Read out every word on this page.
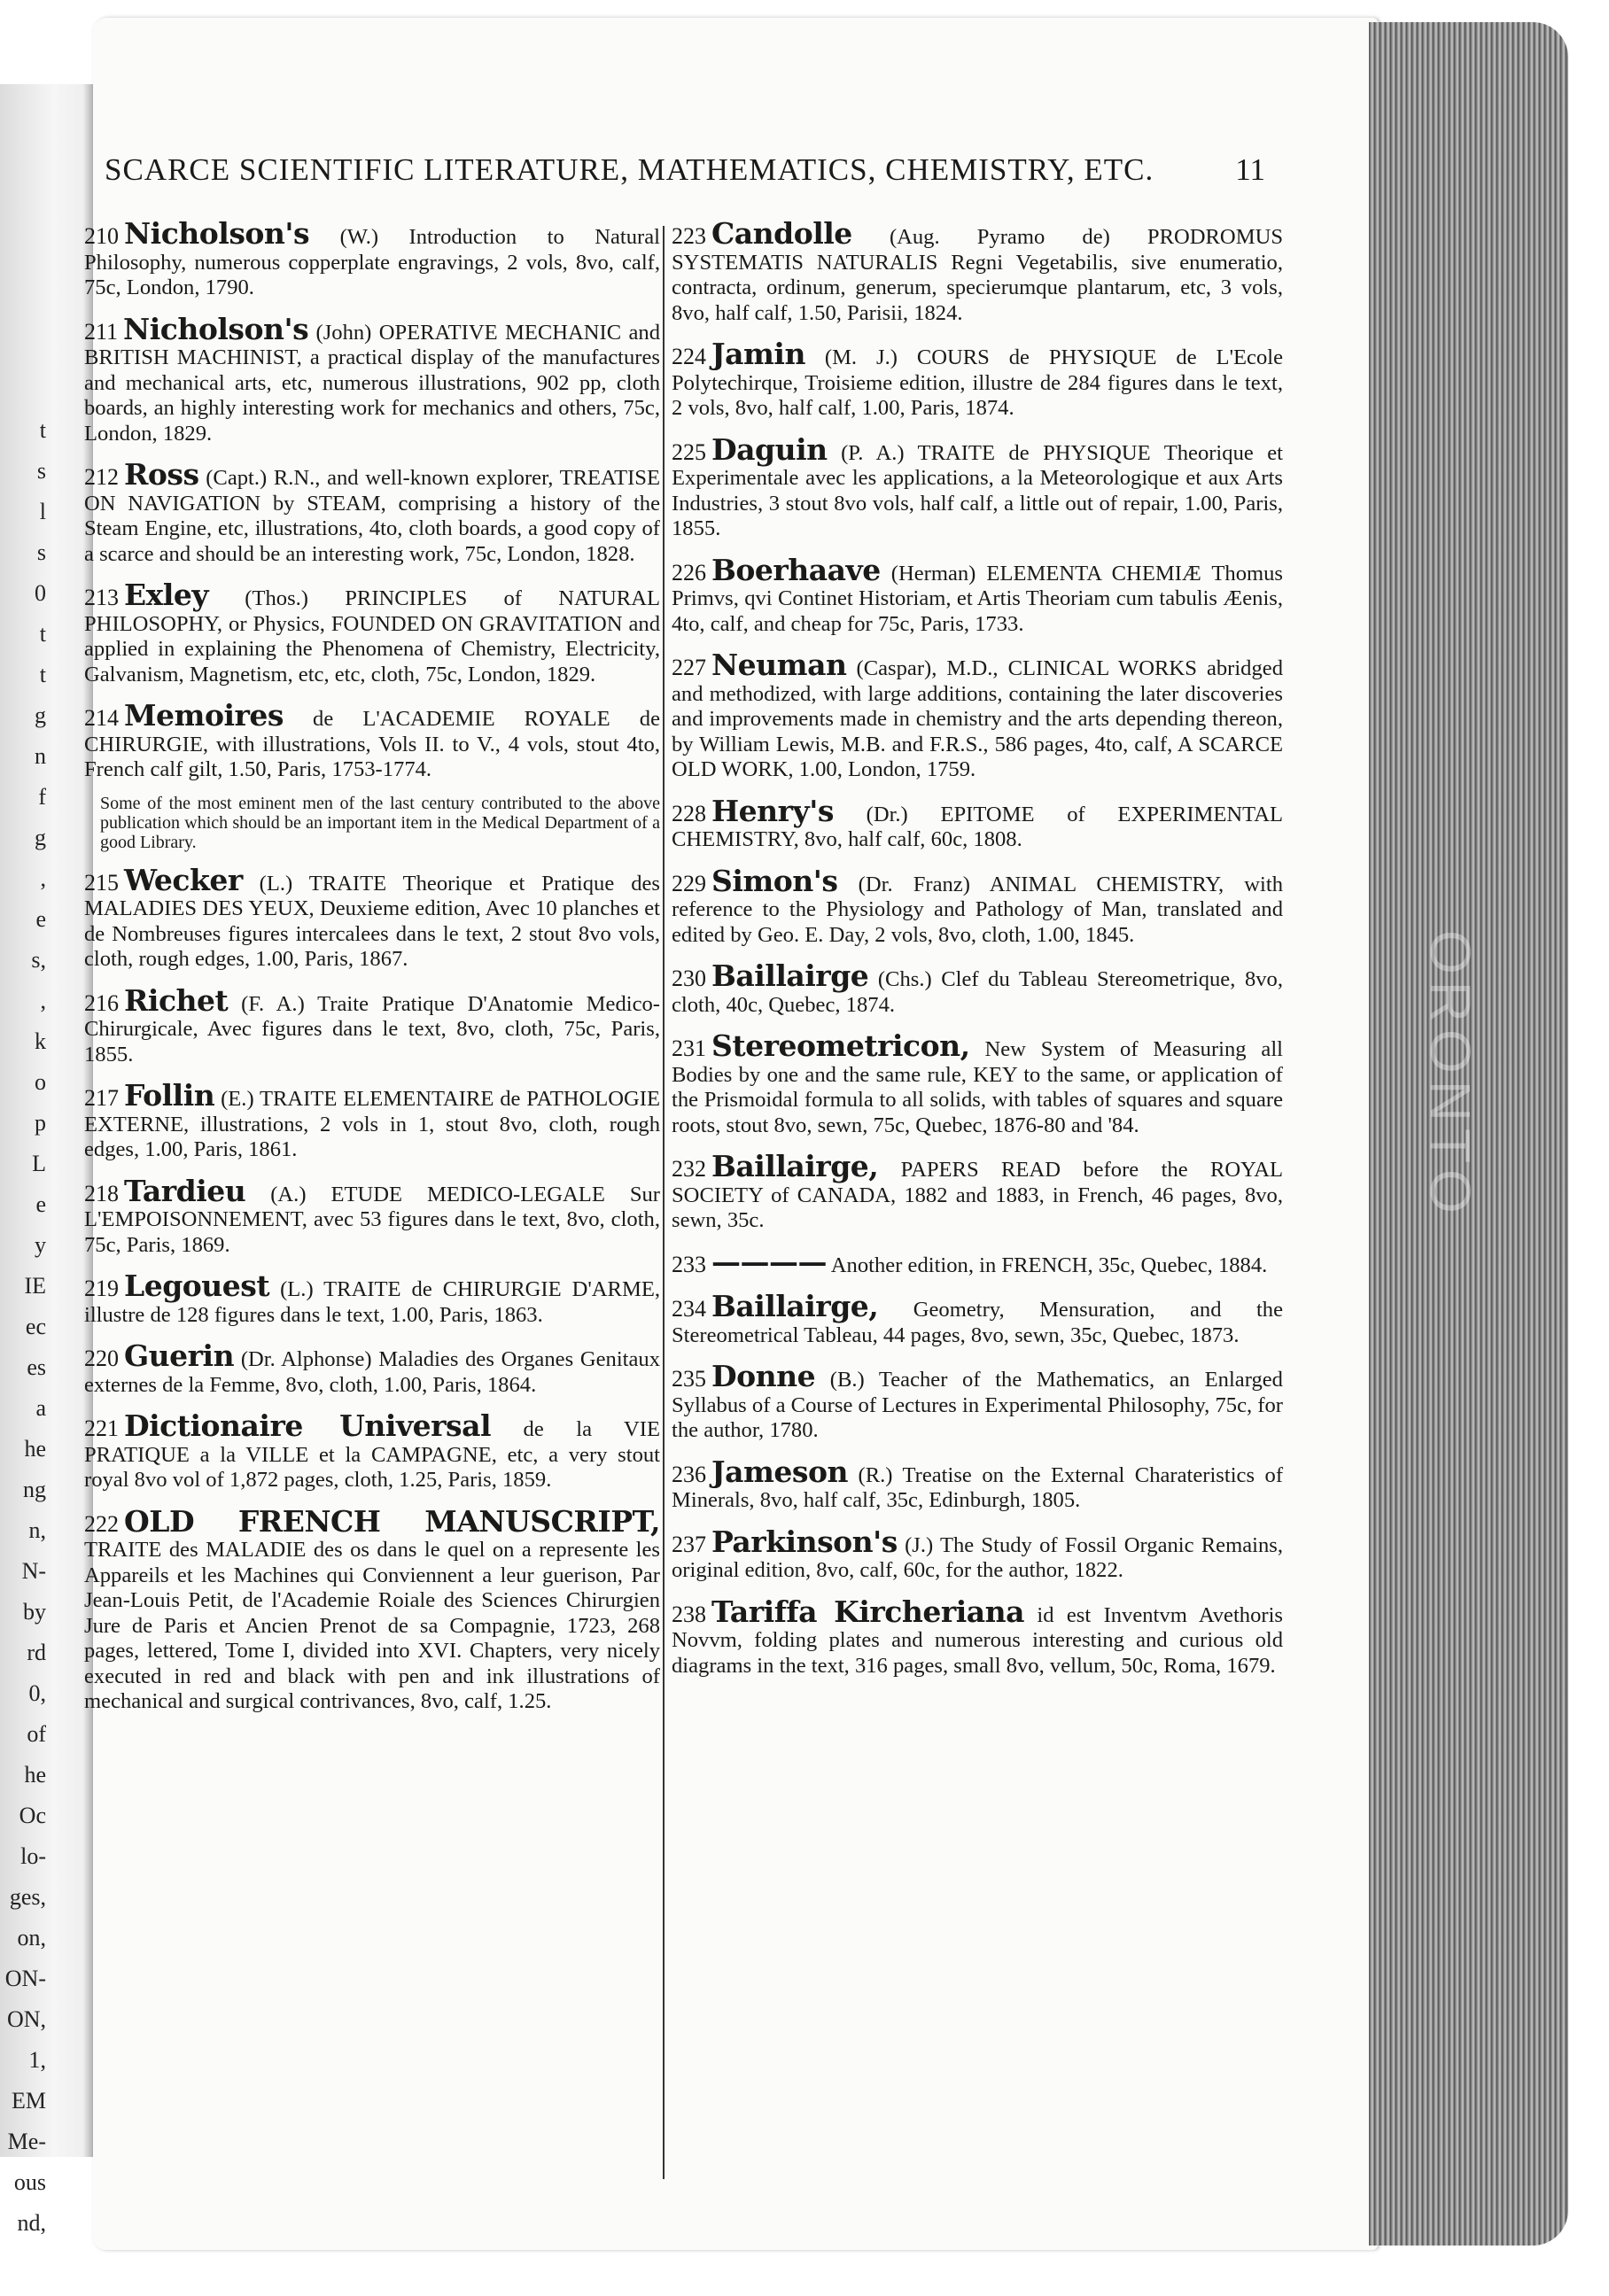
t
s
l
s
0
t
t
g
n
f
g
,
e
s,
,
k
o
p
L
e
y
IE
ec
es
a
he
ng
n,
N-
by
rd
0,
of
he
Oc
lo-
ges,
on,
ON-
ON,
1,
EM
Me-
ous
nd,
ORONTO
SCARCE SCIENTIFIC LITERATURE, MATHEMATICS, CHEMISTRY, ETC.	11
210 Nicholson's (W.) Introduction to Natural Philosophy, numerous copperplate engravings, 2 vols, 8vo, calf, 75c, London, 1790.
211 Nicholson's (John) OPERATIVE MECHANIC and BRITISH MACHINIST, a practical display of the manufactures and mechanical arts, etc, numerous illustrations, 902 pp, cloth boards, an highly interesting work for mechanics and others, 75c, London, 1829.
212 Ross (Capt.) R.N., and well-known explorer, TREATISE ON NAVIGATION by STEAM, comprising a history of the Steam Engine, etc, illustrations, 4to, cloth boards, a good copy of a scarce and should be an interesting work, 75c, London, 1828.
213 Exley (Thos.) PRINCIPLES of NATURAL PHILOSOPHY, or Physics, FOUNDED ON GRAVITATION and applied in explaining the Phenomena of Chemistry, Electricity, Galvanism, Magnetism, etc, etc, cloth, 75c, London, 1829.
214 Memoires de L'ACADEMIE ROYALE de CHIRURGIE, with illustrations, Vols II. to V., 4 vols, stout 4to, French calf gilt, 1.50, Paris, 1753-1774.
Some of the most eminent men of the last century contributed to the above publication which should be an important item in the Medical Department of a good Library.
215 Wecker (L.) TRAITE Theorique et Pratique des MALADIES DES YEUX, Deuxieme edition, Avec 10 planches et de Nombreuses figures intercalees dans le text, 2 stout 8vo vols, cloth, rough edges, 1.00, Paris, 1867.
216 Richet (F. A.) Traite Pratique D'Anatomie Medico-Chirurgicale, Avec figures dans le text, 8vo, cloth, 75c, Paris, 1855.
217 Follin (E.) TRAITE ELEMENTAIRE de PATHOLOGIE EXTERNE, illustrations, 2 vols in 1, stout 8vo, cloth, rough edges, 1.00, Paris, 1861.
218 Tardieu (A.) ETUDE MEDICO-LEGALE Sur L'EMPOISONNEMENT, avec 53 figures dans le text, 8vo, cloth, 75c, Paris, 1869.
219 Legouest (L.) TRAITE de CHIRURGIE D'ARME, illustre de 128 figures dans le text, 1.00, Paris, 1863.
220 Guerin (Dr. Alphonse) Maladies des Organes Genitaux externes de la Femme, 8vo, cloth, 1.00, Paris, 1864.
221 Dictionaire Universal de la VIE PRATIQUE a la VILLE et la CAMPAGNE, etc, a very stout royal 8vo vol of 1,872 pages, cloth, 1.25, Paris, 1859.
222 OLD FRENCH MANUSCRIPT, TRAITE des MALADIE des os dans le quel on a represente les Appareils et les Machines qui Conviennent a leur guerison, Par Jean-Louis Petit, de l'Academie Roiale des Sciences Chirurgien Jure de Paris et Ancien Prenot de sa Compagnie, 1723, 268 pages, lettered, Tome I, divided into XVI. Chapters, very nicely executed in red and black with pen and ink illustrations of mechanical and surgical contrivances, 8vo, calf, 1.25.
223 Candolle (Aug. Pyramo de) PRODROMUS SYSTEMATIS NATURALIS Regni Vegetabilis, sive enumeratio, contracta, ordinum, generum, specierumque plantarum, etc, 3 vols, 8vo, half calf, 1.50, Parisii, 1824.
224 Jamin (M. J.) COURS de PHYSIQUE de L'Ecole Polytechirque, Troisieme edition, illustre de 284 figures dans le text, 2 vols, 8vo, half calf, 1.00, Paris, 1874.
225 Daguin (P. A.) TRAITE de PHYSIQUE Theorique et Experimentale avec les applications, a la Meteorologique et aux Arts Industries, 3 stout 8vo vols, half calf, a little out of repair, 1.00, Paris, 1855.
226 Boerhaave (Herman) ELEMENTA CHEMIÆ Thomus Primvs, qvi Continet Historiam, et Artis Theoriam cum tabulis Æenis, 4to, calf, and cheap for 75c, Paris, 1733.
227 Neuman (Caspar), M.D., CLINICAL WORKS abridged and methodized, with large additions, containing the later discoveries and improvements made in chemistry and the arts depending thereon, by William Lewis, M.B. and F.R.S., 586 pages, 4to, calf, A SCARCE OLD WORK, 1.00, London, 1759.
228 Henry's (Dr.) EPITOME of EXPERIMENTAL CHEMISTRY, 8vo, half calf, 60c, 1808.
229 Simon's (Dr. Franz) ANIMAL CHEMISTRY, with reference to the Physiology and Pathology of Man, translated and edited by Geo. E. Day, 2 vols, 8vo, cloth, 1.00, 1845.
230 Baillairge (Chs.) Clef du Tableau Stereometrique, 8vo, cloth, 40c, Quebec, 1874.
231 Stereometricon, New System of Measuring all Bodies by one and the same rule, KEY to the same, or application of the Prismoidal formula to all solids, with tables of squares and square roots, stout 8vo, sewn, 75c, Quebec, 1876-80 and '84.
232 Baillairge, PAPERS READ before the ROYAL SOCIETY of CANADA, 1882 and 1883, in French, 46 pages, 8vo, sewn, 35c.
233 ———— Another edition, in FRENCH, 35c, Quebec, 1884.
234 Baillairge, Geometry, Mensuration, and the Stereometrical Tableau, 44 pages, 8vo, sewn, 35c, Quebec, 1873.
235 Donne (B.) Teacher of the Mathematics, an Enlarged Syllabus of a Course of Lectures in Experimental Philosophy, 75c, for the author, 1780.
236 Jameson (R.) Treatise on the External Charateristics of Minerals, 8vo, half calf, 35c, Edinburgh, 1805.
237 Parkinson's (J.) The Study of Fossil Organic Remains, original edition, 8vo, calf, 60c, for the author, 1822.
238 Tariffa Kircheriana id est Inventvm Avethoris Novvm, folding plates and numerous interesting and curious old diagrams in the text, 316 pages, small 8vo, vellum, 50c, Roma, 1679.
